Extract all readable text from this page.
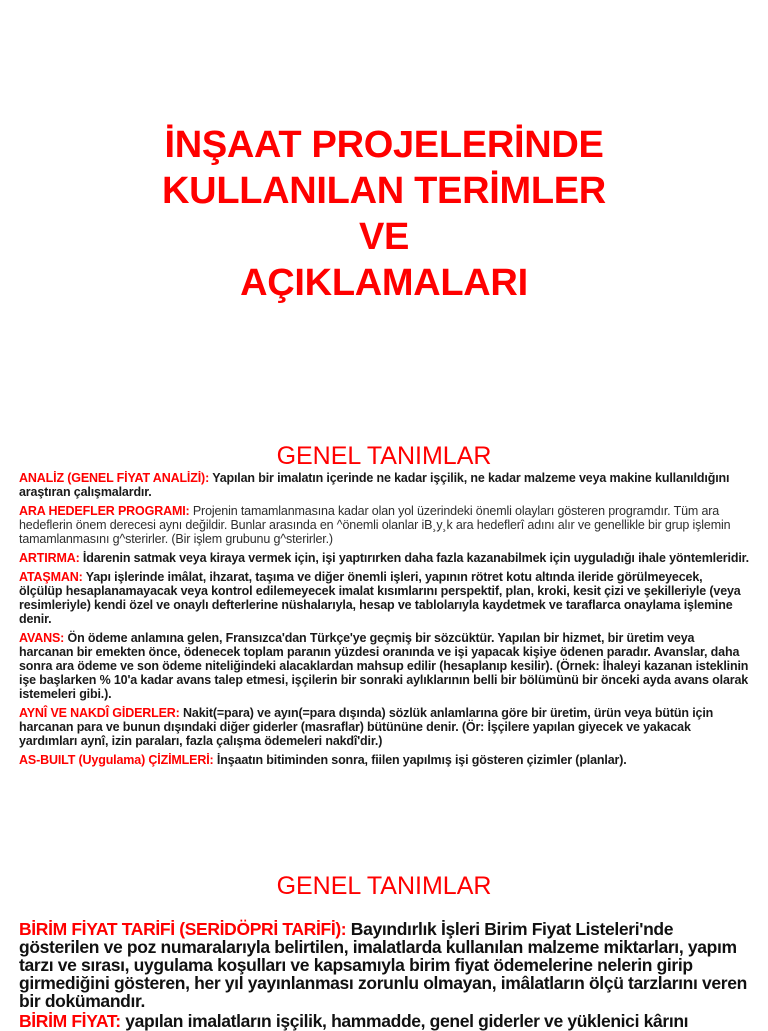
İNŞAAT PROJELERİNDE
KULLANILAN TERİMLER
VE
AÇIKLAMALARI
GENEL TANIMLAR
ANALİZ (GENEL FİYAT ANALİZİ): Yapılan bir imalatın içerinde ne kadar işçilik, ne kadar malzeme veya makine kullanıldığını araştıran çalışmalardır.
ARA HEDEFLER PROGRAMI: Projenin tamamlanmasına kadar olan yol üzerindeki önemli olayları gösteren programdır. Tüm ara hedeflerin önem derecesi aynı değildir. Bunlar arasında en ^önemli olanlar iB¸y¸k ara hedeflerî adını alır ve genellikle bir grup işlemin tamamlanmasını g^sterirler. (Bir işlem grubunu g^sterirler.)
ARTIRMA: İdarenin satmak veya kiraya vermek için, işi yaptırırken daha fazla kazanabilmek için uyguladığı ihale yöntemleridir.
ATAŞMAN: Yapı işlerinde imâlat, ihzarat, taşıma ve diğer önemli işleri, yapının rötret kotu altında ileride görülmeyecek, ölçülüp hesaplanamayacak veya kontrol edilemeyecek imalat kısımlarını perspektif, plan, kroki, kesit çizi ve şekilleriyle (veya resimleriyle) kendi özel ve onaylı defterlerine nüshalarıyla, hesap ve tablolarıyla kaydetmek ve taraflarca onaylama işlemine denir.
AVANS: Ön ödeme anlamına gelen, Fransızca'dan Türkçe'ye geçmiş bir sözcüktür. Yapılan bir hizmet, bir üretim veya harcanan bir emekten önce, ödenecek toplam paranın yüzdesi oranında ve işi yapacak kişiye ödenen paradır. Avanslar, daha sonra ara ödeme ve son ödeme niteliğindeki alacaklardan mahsup edilir (hesaplanıp kesilir). (Örnek: İhaleyi kazanan isteklinin işe başlarken % 10'a kadar avans talep etmesi, işçilerin bir sonraki aylıklarının belli bir bölümünü bir önceki ayda avans olarak istemeleri gibi.).
AYNÎ VE NAKDÎ GİDERLER: Nakit(=para) ve ayın(=para dışında) sözlük anlamlarına göre bir üretim, ürün veya bütün için harcanan para ve bunun dışındaki diğer giderler (masraflar) bütününe denir. (Ör: İşçilere yapılan giyecek ve yakacak yardımları aynî, izin paraları, fazla çalışma ödemeleri nakdî'dir.)
AS-BUILT (Uygulama) ÇİZİMLERİ: İnşaatın bitiminden sonra, fiilen yapılmış işi gösteren çizimler (planlar).
GENEL TANIMLAR
BİRİM FİYAT TARİFİ (SERİDÖPRİ TARİFİ): Bayındırlık İşleri Birim Fiyat Listeleri'nde gösterilen ve poz numaralarıyla belirtilen, imalatlarda kullanılan malzeme miktarları, yapım tarzı ve sırası, uygulama koşulları ve kapsamıyla birim fiyat ödemelerine nelerin girip girmediğini gösteren, her yıl yayınlanması zorunlu olmayan, imâlatların ölçü tarzlarını veren bir dokümandır.
BİRİM FİYAT: yapılan imalatların işçilik, hammadde, genel giderler ve yüklenici kârını
